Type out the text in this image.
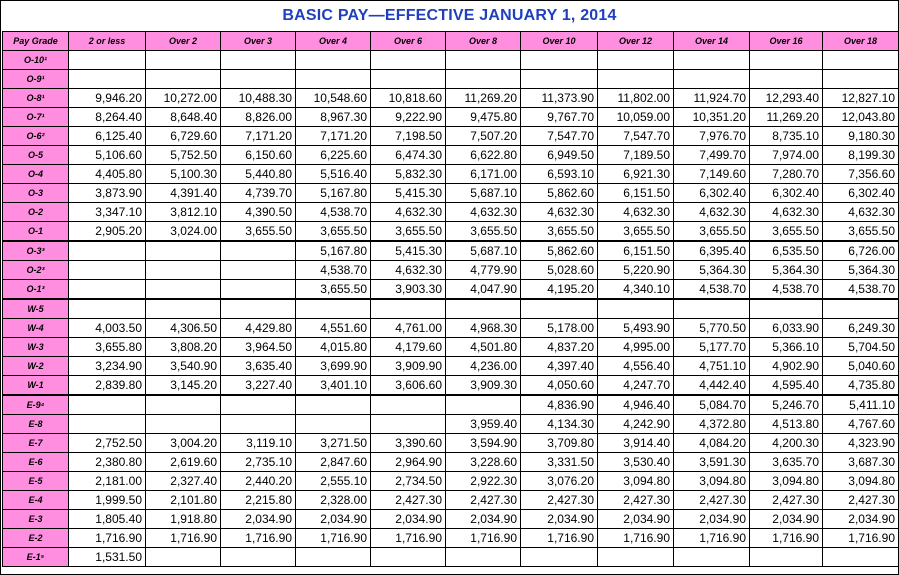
BASIC PAY—EFFECTIVE JANUARY 1, 2014
Pay Grade	2 or less	Over 2	Over 3	Over 4	Over 6	Over 8	Over 10	Over 12	Over 14	Over 16	Over 18
O-10¹											
O-9¹											
O-8¹	9,946.20	10,272.00	10,488.30	10,548.60	10,818.60	11,269.20	11,373.90	11,802.00	11,924.70	12,293.40	12,827.10
O-7¹	8,264.40	8,648.40	8,826.00	8,967.30	9,222.90	9,475.80	9,767.70	10,059.00	10,351.20	11,269.20	12,043.80
O-6²	6,125.40	6,729.60	7,171.20	7,171.20	7,198.50	7,507.20	7,547.70	7,547.70	7,976.70	8,735.10	9,180.30
O-5	5,106.60	5,752.50	6,150.60	6,225.60	6,474.30	6,622.80	6,949.50	7,189.50	7,499.70	7,974.00	8,199.30
O-4	4,405.80	5,100.30	5,440.80	5,516.40	5,832.30	6,171.00	6,593.10	6,921.30	7,149.60	7,280.70	7,356.60
O-3	3,873.90	4,391.40	4,739.70	5,167.80	5,415.30	5,687.10	5,862.60	6,151.50	6,302.40	6,302.40	6,302.40
O-2	3,347.10	3,812.10	4,390.50	4,538.70	4,632.30	4,632.30	4,632.30	4,632.30	4,632.30	4,632.30	4,632.30
O-1	2,905.20	3,024.00	3,655.50	3,655.50	3,655.50	3,655.50	3,655.50	3,655.50	3,655.50	3,655.50	3,655.50
O-3³				5,167.80	5,415.30	5,687.10	5,862.60	6,151.50	6,395.40	6,535.50	6,726.00
O-2³				4,538.70	4,632.30	4,779.90	5,028.60	5,220.90	5,364.30	5,364.30	5,364.30
O-1³				3,655.50	3,903.30	4,047.90	4,195.20	4,340.10	4,538.70	4,538.70	4,538.70
W-5											
W-4	4,003.50	4,306.50	4,429.80	4,551.60	4,761.00	4,968.30	5,178.00	5,493.90	5,770.50	6,033.90	6,249.30
W-3	3,655.80	3,808.20	3,964.50	4,015.80	4,179.60	4,501.80	4,837.20	4,995.00	5,177.70	5,366.10	5,704.50
W-2	3,234.90	3,540.90	3,635.40	3,699.90	3,909.90	4,236.00	4,397.40	4,556.40	4,751.10	4,902.90	5,040.60
W-1	2,839.80	3,145.20	3,227.40	3,401.10	3,606.60	3,909.30	4,050.60	4,247.70	4,442.40	4,595.40	4,735.80
E-9⁴							4,836.90	4,946.40	5,084.70	5,246.70	5,411.10
E-8						3,959.40	4,134.30	4,242.90	4,372.80	4,513.80	4,767.60
E-7	2,752.50	3,004.20	3,119.10	3,271.50	3,390.60	3,594.90	3,709.80	3,914.40	4,084.20	4,200.30	4,323.90
E-6	2,380.80	2,619.60	2,735.10	2,847.60	2,964.90	3,228.60	3,331.50	3,530.40	3,591.30	3,635.70	3,687.30
E-5	2,181.00	2,327.40	2,440.20	2,555.10	2,734.50	2,922.30	3,076.20	3,094.80	3,094.80	3,094.80	3,094.80
E-4	1,999.50	2,101.80	2,215.80	2,328.00	2,427.30	2,427.30	2,427.30	2,427.30	2,427.30	2,427.30	2,427.30
E-3	1,805.40	1,918.80	2,034.90	2,034.90	2,034.90	2,034.90	2,034.90	2,034.90	2,034.90	2,034.90	2,034.90
E-2	1,716.90	1,716.90	1,716.90	1,716.90	1,716.90	1,716.90	1,716.90	1,716.90	1,716.90	1,716.90	1,716.90
E-1⁵	1,531.50										
